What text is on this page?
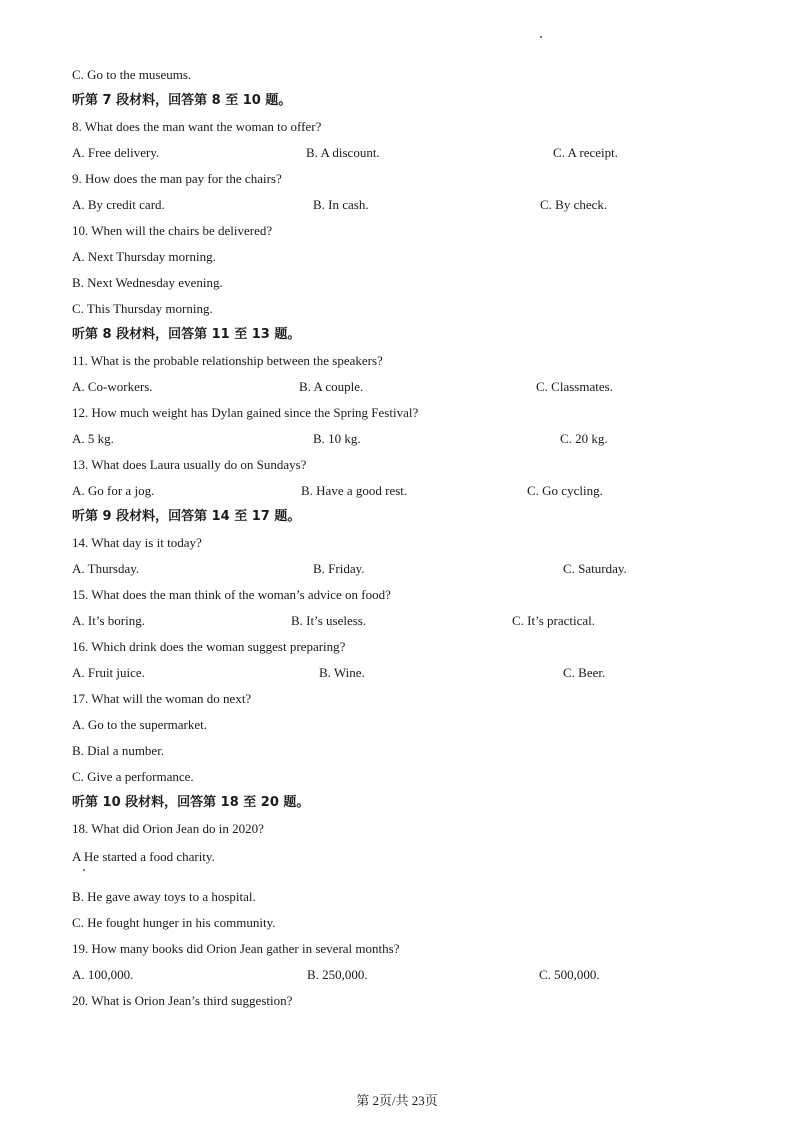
C. Go to the museums.
听第 7 段材料，回答第 8 至 10 题。
8. What does the man want the woman to offer?
A. Free delivery.	B. A discount.	C. A receipt.
9. How does the man pay for the chairs?
A. By credit card.	B. In cash.	C. By check.
10. When will the chairs be delivered?
A. Next Thursday morning.
B. Next Wednesday evening.
C. This Thursday morning.
听第 8 段材料，回答第 11 至 13 题。
11. What is the probable relationship between the speakers?
A. Co-workers.	B. A couple.	C. Classmates.
12. How much weight has Dylan gained since the Spring Festival?
A. 5 kg.	B. 10 kg.	C. 20 kg.
13. What does Laura usually do on Sundays?
A. Go for a jog.	B. Have a good rest.	C. Go cycling.
听第 9 段材料，回答第 14 至 17 题。
14. What day is it today?
A. Thursday.	B. Friday.	C. Saturday.
15. What does the man think of the woman’s advice on food?
A. It’s boring.	B. It’s useless.	C. It’s practical.
16. Which drink does the woman suggest preparing?
A. Fruit juice.	B. Wine.	C. Beer.
17. What will the woman do next?
A. Go to the supermarket.
B. Dial a number.
C. Give a performance.
听第 10 段材料，回答第 18 至 20 题。
18. What did Orion Jean do in 2020?
A He started a food charity.
B. He gave away toys to a hospital.
C. He fought hunger in his community.
19. How many books did Orion Jean gather in several months?
A. 100,000.	B. 250,000.	C. 500,000.
20. What is Orion Jean’s third suggestion?
第 2页/共 23页
